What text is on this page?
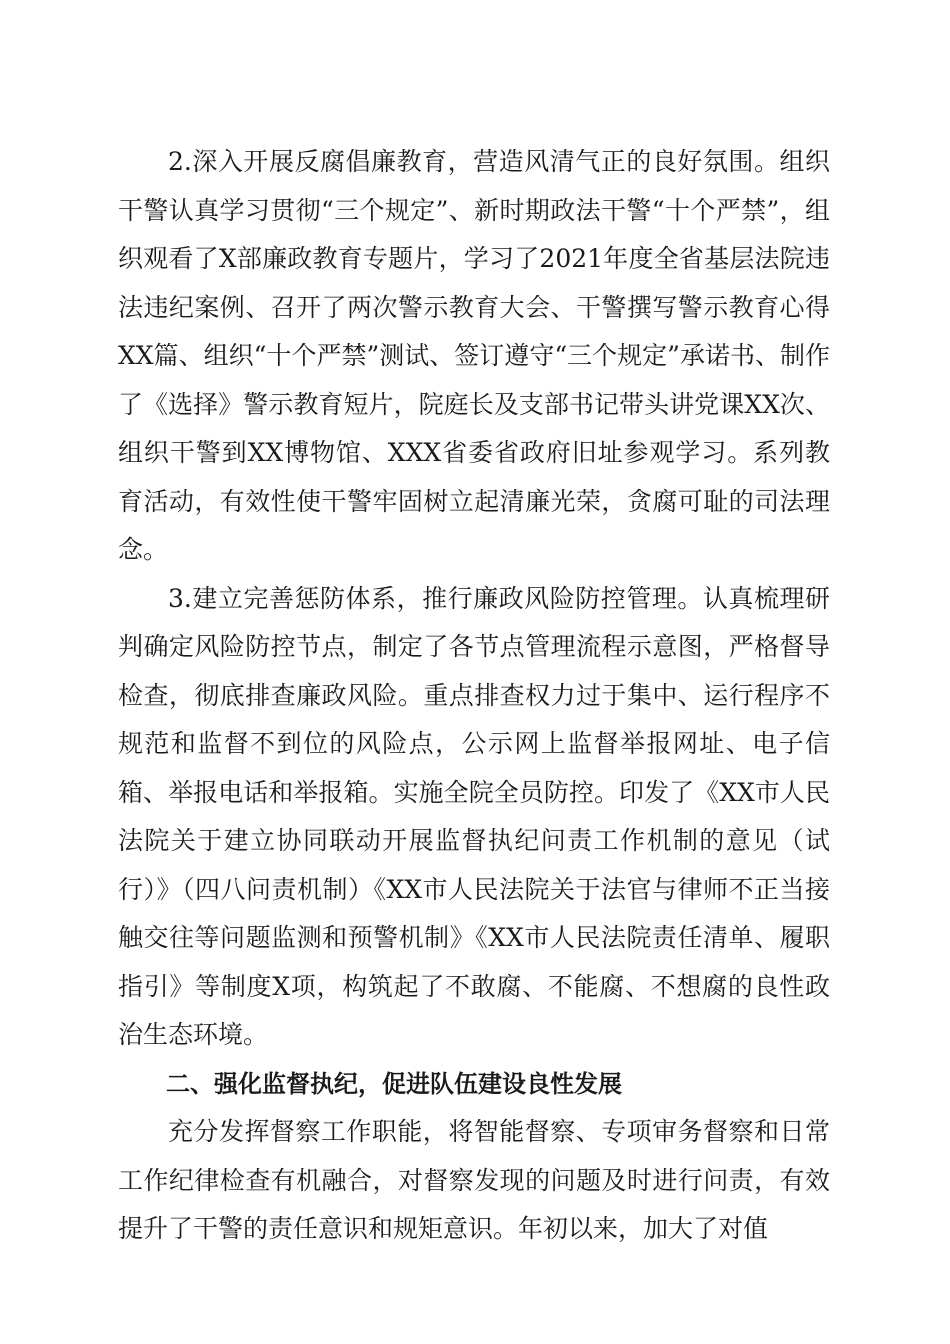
2.深入开展反腐倡廉教育，营造风清气正的良好氛围。组织干警认真学习贯彻“三个规定”、新时期政法干警“十个严禁”，组织观看了X部廉政教育专题片，学习了2021年度全省基层法院违法违纪案例、召开了两次警示教育大会、干警撰写警示教育心得XX篇、组织“十个严禁”测试、签订遵守“三个规定”承诺书、制作了《选择》警示教育短片，院庭长及支部书记带头讲党课XX次、组织干警到XX博物馆、XXX省委省政府旧址参观学习。系列教育活动，有效性使干警牢固树立起清廉光荣，贪腐可耻的司法理念。

3.建立完善惩防体系，推行廉政风险防控管理。认真梳理研判确定风险防控节点，制定了各节点管理流程示意图，严格督导检查，彻底排查廉政风险。重点排查权力过于集中、运行程序不规范和监督不到位的风险点，公示网上监督举报网址、电子信箱、举报电话和举报箱。实施全院全员防控。印发了《XX市人民法院关于建立协同联动开展监督执纪问责工作机制的意见（试行）》（四八问责机制）《XX市人民法院关于法官与律师不正当接触交往等问题监测和预警机制》《XX市人民法院责任清单、履职指引》等制度X项，构筑起了不敢腐、不能腐、不想腐的良性政治生态环境。

二、强化监督执纪，促进队伍建设良性发展

充分发挥督察工作职能，将智能督察、专项审务督察和日常工作纪律检查有机融合，对督察发现的问题及时进行问责，有效提升了干警的责任意识和规矩意识。年初以来，加大了对值
